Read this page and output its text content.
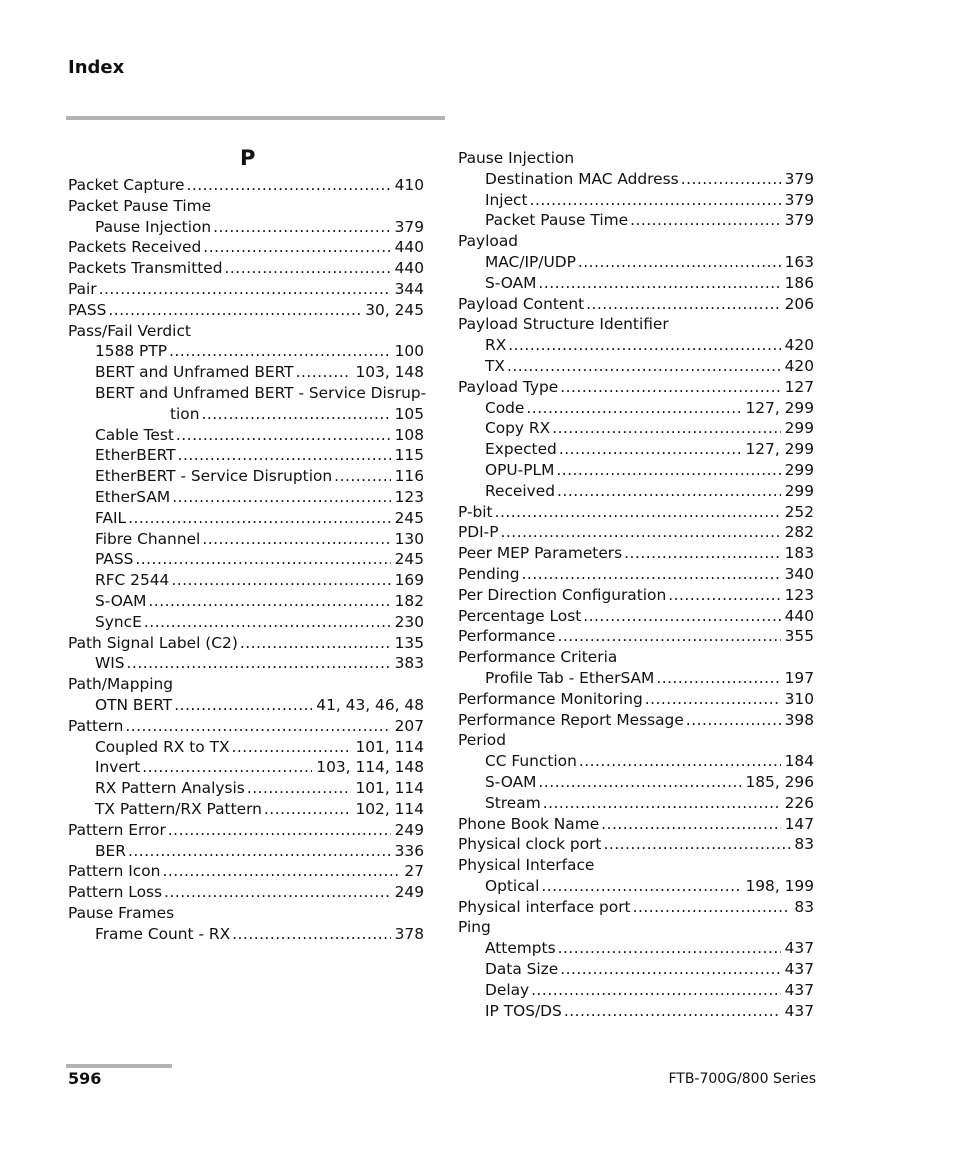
Index
P
Packet Capture .....	410
Packet Pause Time
Pause Injection .....	379
Packets Received .....	440
Packets Transmitted .....	440
Pair .....	344
PASS .....	30, 245
Pass/Fail Verdict
1588 PTP .....	100
BERT and Unframed BERT .....	103, 148
BERT and Unframed BERT - Service Disrup-
tion .....	105
Cable Test .....	108
EtherBERT .....	115
EtherBERT - Service Disruption .....	116
EtherSAM .....	123
FAIL .....	245
Fibre Channel .....	130
PASS .....	245
RFC 2544 .....	169
S-OAM .....	182
SyncE .....	230
Path Signal Label (C2) .....	135
WIS .....	383
Path/Mapping
OTN BERT .....	41, 43, 46, 48
Pattern .....	207
Coupled RX to TX .....	101, 114
Invert .....	103, 114, 148
RX Pattern Analysis .....	101, 114
TX Pattern/RX Pattern .....	102, 114
Pattern Error .....	249
BER .....	336
Pattern Icon .....	27
Pattern Loss .....	249
Pause Frames
Frame Count - RX .....	378
Pause Injection
Destination MAC Address .....	379
Inject .....	379
Packet Pause Time .....	379
Payload
MAC/IP/UDP .....	163
S-OAM .....	186
Payload Content .....	206
Payload Structure Identifier
RX .....	420
TX .....	420
Payload Type .....	127
Code .....	127, 299
Copy RX .....	299
Expected .....	127, 299
OPU-PLM .....	299
Received .....	299
P-bit .....	252
PDI-P .....	282
Peer MEP Parameters .....	183
Pending .....	340
Per Direction Configuration .....	123
Percentage Lost .....	440
Performance .....	355
Performance Criteria
Profile Tab - EtherSAM .....	197
Performance Monitoring .....	310
Performance Report Message .....	398
Period
CC Function .....	184
S-OAM .....	185, 296
Stream .....	226
Phone Book Name .....	147
Physical clock port .....	83
Physical Interface
Optical .....	198, 199
Physical interface port .....	83
Ping
Attempts .....	437
Data Size .....	437
Delay .....	437
IP TOS/DS .....	437
596	FTB-700G/800 Series
